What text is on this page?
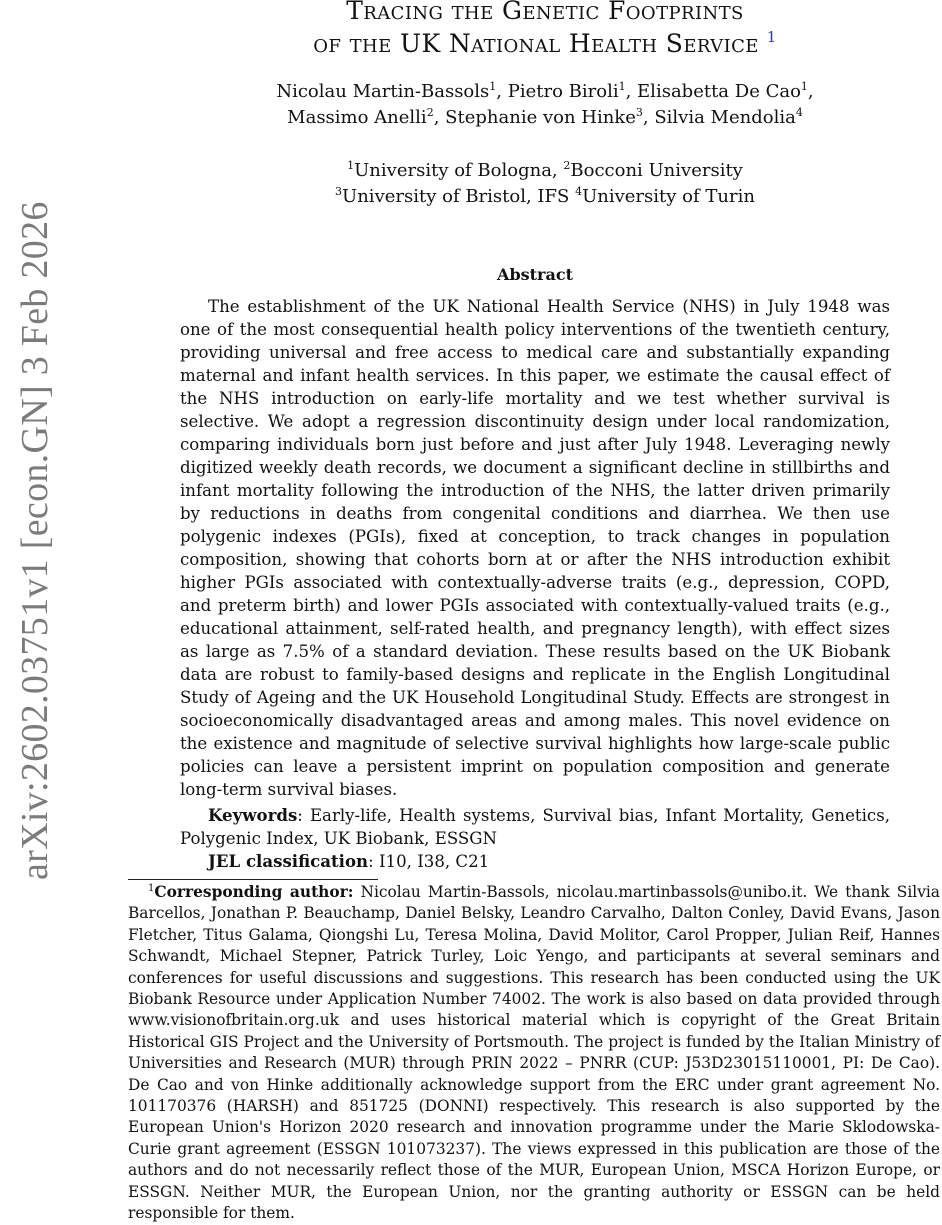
arXiv:2602.03751v1 [econ.GN] 3 Feb 2026
Tracing the Genetic Footprints
of the UK National Health Service $^1$
Nicolau Martin-Bassols$^1$, Pietro Biroli$^1$, Elisabetta De Cao$^1$,
Massimo Anelli$^2$, Stephanie von Hinke$^3$, Silvia Mendolia$^4$
$^1$University of Bologna, $^2$Bocconi University
$^3$University of Bristol, IFS $^4$University of Turin
Abstract

The establishment of the UK National Health Service (NHS) in July 1948 was one of the most consequential health policy interventions of the twentieth century, providing universal and free access to medical care and substantially expanding maternal and infant health services. In this paper, we estimate the causal effect of the NHS introduction on early-life mortality and we test whether survival is selective. We adopt a regression discontinuity design under local randomization, comparing individuals born just before and just after July 1948. Leveraging newly digitized weekly death records, we document a significant decline in stillbirths and infant mortality following the introduction of the NHS, the latter driven primarily by reductions in deaths from congenital conditions and diarrhea. We then use polygenic indexes (PGIs), fixed at conception, to track changes in population composition, showing that cohorts born at or after the NHS introduction exhibit higher PGIs associated with contextually-adverse traits (e.g., depression, COPD, and preterm birth) and lower PGIs associated with contextually-valued traits (e.g., educational attainment, self-rated health, and pregnancy length), with effect sizes as large as 7.5% of a standard deviation. These results based on the UK Biobank data are robust to family-based designs and replicate in the English Longitudinal Study of Ageing and the UK Household Longitudinal Study. Effects are strongest in socioeconomically disadvantaged areas and among males. This novel evidence on the existence and magnitude of selective survival highlights how large-scale public policies can leave a persistent imprint on population composition and generate long-term survival biases.

Keywords: Early-life, Health systems, Survival bias, Infant Mortality, Genetics, Polygenic Index, UK Biobank, ESSGN

JEL classification: I10, I38, C21

$^1$Corresponding author: Nicolau Martin-Bassols, nicolau.martinbassols@unibo.it. We thank Silvia Barcellos, Jonathan P. Beauchamp, Daniel Belsky, Leandro Carvalho, Dalton Conley, David Evans, Jason Fletcher, Titus Galama, Qiongshi Lu, Teresa Molina, David Molitor, Carol Propper, Julian Reif, Hannes Schwandt, Michael Stepner, Patrick Turley, Loic Yengo, and participants at several seminars and conferences for useful discussions and suggestions. This research has been conducted using the UK Biobank Resource under Application Number 74002. The work is also based on data provided through www.visionofbritain.org.uk and uses historical material which is copyright of the Great Britain Historical GIS Project and the University of Portsmouth. The project is funded by the Italian Ministry of Universities and Research (MUR) through PRIN 2022 – PNRR (CUP: J53D23015110001, PI: De Cao). De Cao and von Hinke additionally acknowledge support from the ERC under grant agreement No. 101170376 (HARSH) and 851725 (DONNI) respectively. This research is also supported by the European Union's Horizon 2020 research and innovation programme under the Marie Sklodowska-Curie grant agreement (ESSGN 101073237). The views expressed in this publication are those of the authors and do not necessarily reflect those of the MUR, European Union, MSCA Horizon Europe, or ESSGN. Neither MUR, the European Union, nor the granting authority or ESSGN can be held responsible for them.
